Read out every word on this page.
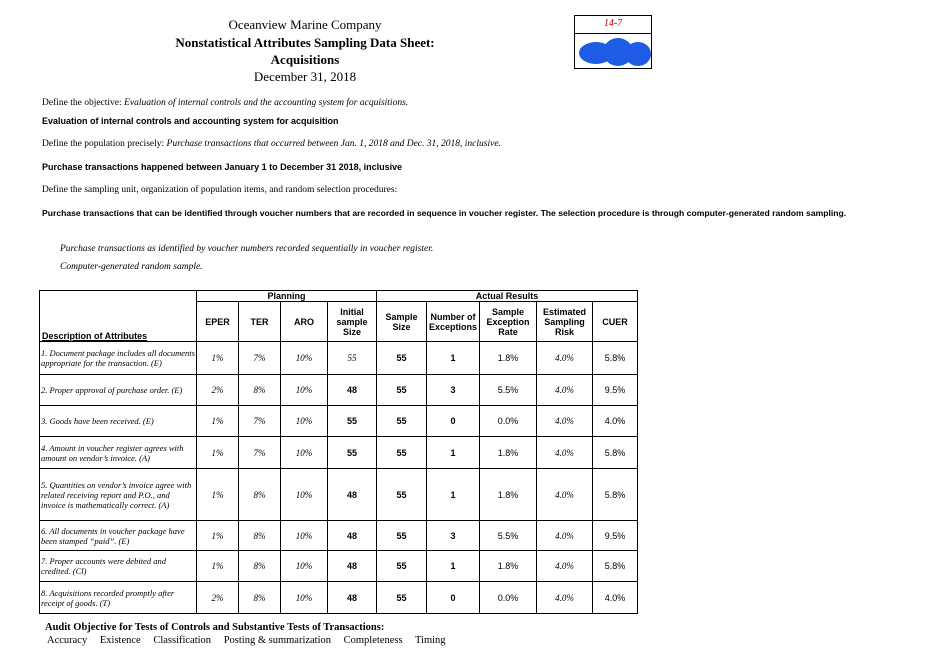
Oceanview Marine Company
Nonstatistical Attributes Sampling Data Sheet:
Acquisitions
December 31, 2018
14-7
Define the objective: Evaluation of internal controls and the accounting system for acquisitions.
Evaluation of internal controls and accounting system for acquisition
Define the population precisely: Purchase transactions that occurred between Jan. 1, 2018 and Dec. 31, 2018, inclusive.
Purchase transactions happened between January 1 to December 31 2018, inclusive
Define the sampling unit, organization of population items, and random selection procedures:
Purchase transactions that can be identified through voucher numbers that are recorded in sequence in voucher register. The selection procedure is through computer-generated random sampling.
Purchase transactions as identified by voucher numbers recorded sequentially in voucher register.
Computer-generated random sample.
Description of Attributes	Planning				Actual Results				
	EPER	TER	ARO	Initial sample Size	Sample Size	Number of Exceptions	Sample Exception Rate	Estimated Sampling Risk	CUER
1. Document package includes all documents appropriate for the transaction. (E)	1%	7%	10%	55	55	1	1.8%	4.0%	5.8%
2. Proper approval of purchase order. (E)	2%	8%	10%	48	55	3	5.5%	4.0%	9.5%
3. Goods have been received. (E)	1%	7%	10%	55	55	0	0.0%	4.0%	4.0%
4. Amount in voucher register agrees with amount on vendor’s invoice. (A)	1%	7%	10%	55	55	1	1.8%	4.0%	5.8%
5. Quantities on vendor’s invoice agree with related receiving report and P.O., and invoice is mathematically correct. (A)	1%	8%	10%	48	55	1	1.8%	4.0%	5.8%
6. All documents in voucher package have been stamped “paid”. (E)	1%	8%	10%	48	55	3	5.5%	4.0%	9.5%
7. Proper accounts were debited and credited. (Cl)	1%	8%	10%	48	55	1	1.8%	4.0%	5.8%
8. Acquisitions recorded promptly after receipt of goods. (T)	2%	8%	10%	48	55	0	0.0%	4.0%	4.0%
Audit Objective for Tests of Controls and Substantive Tests of Transactions:
Accuracy Existence Classification Posting & summarization Completeness Timing
